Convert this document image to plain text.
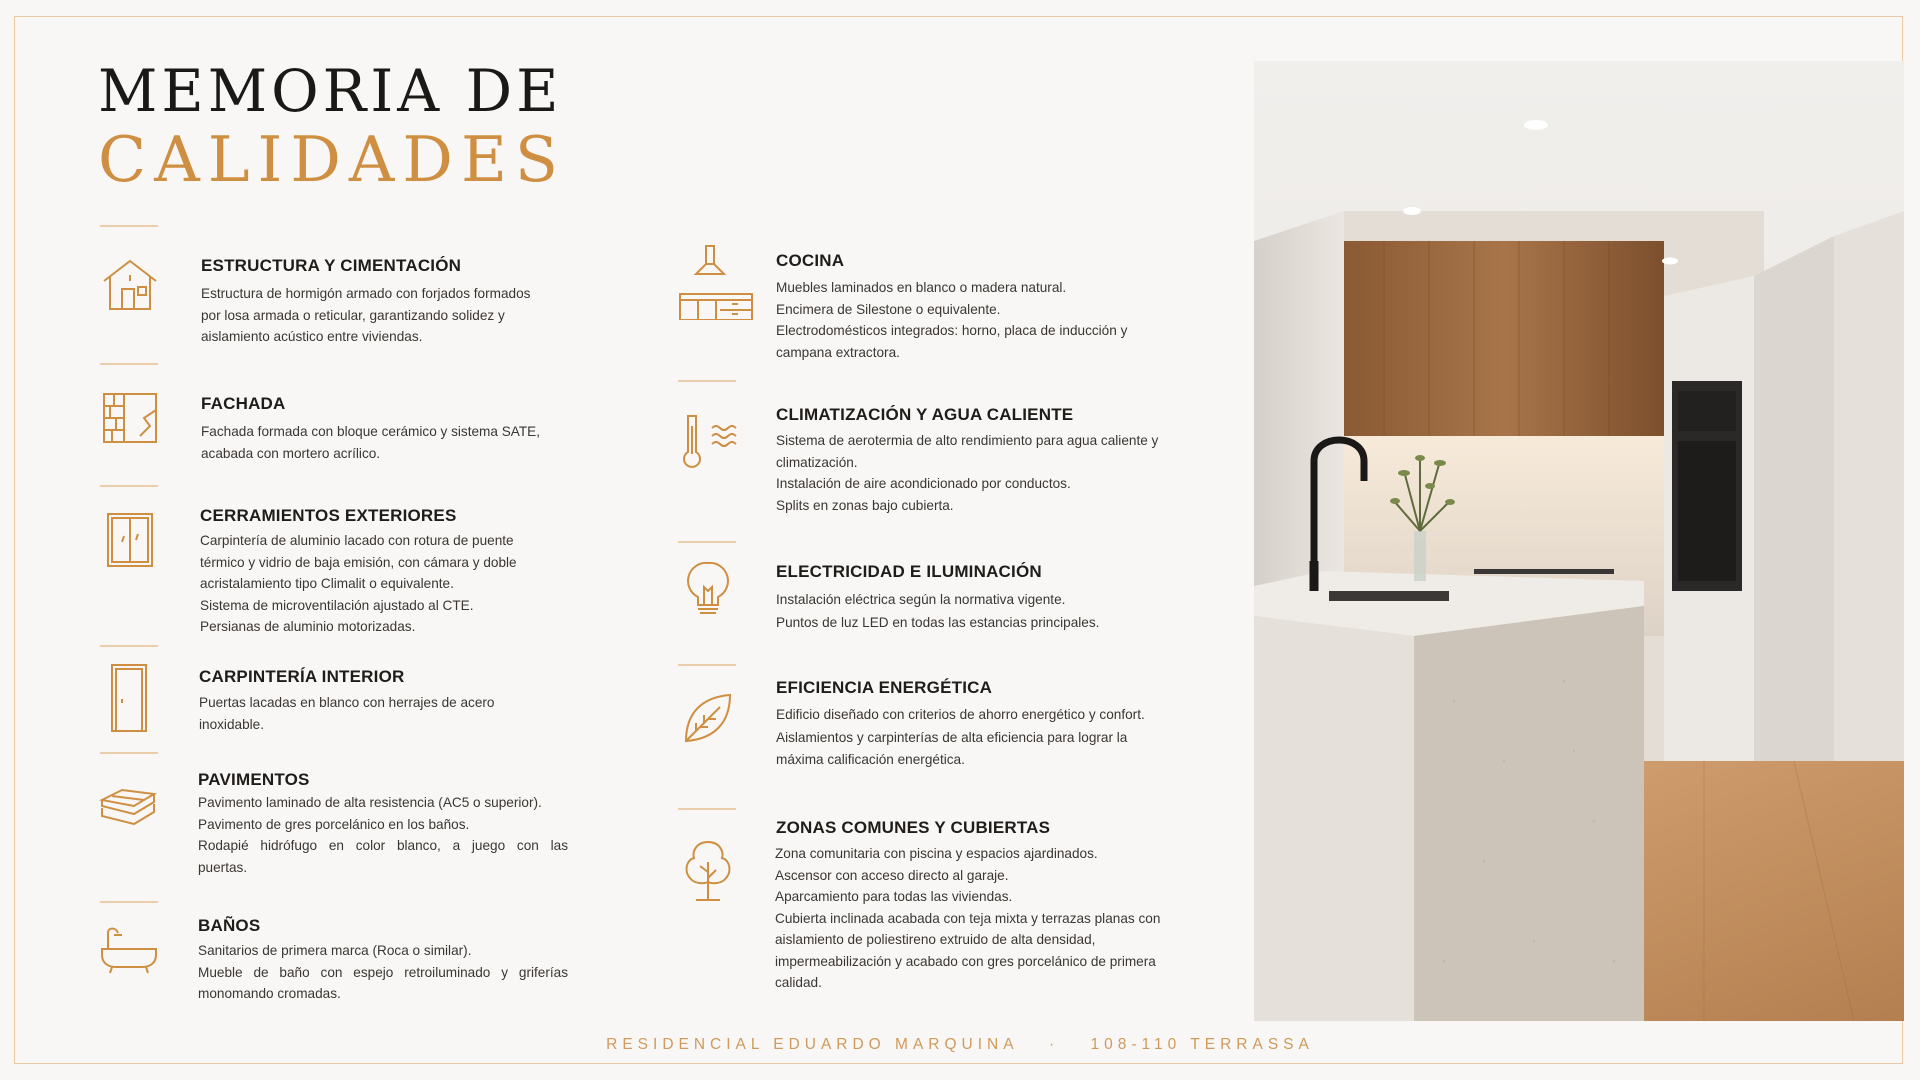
MEMORIA DE
CALIDADES
ESTRUCTURA Y CIMENTACIÓN
Estructura de hormigón armado con forjados formados
por losa armada o reticular, garantizando solidez y
aislamiento acústico entre viviendas.
FACHADA
Fachada formada con bloque cerámico y sistema SATE,
acabada con mortero acrílico.
CERRAMIENTOS EXTERIORES
Carpintería de aluminio lacado con rotura de puente
térmico y vidrio de baja emisión, con cámara y doble
acristalamiento tipo Climalit o equivalente.
Sistema de microventilación ajustado al CTE.
Persianas de aluminio motorizadas.
CARPINTERÍA INTERIOR
Puertas lacadas en blanco con herrajes de acero
inoxidable.
PAVIMENTOS
Pavimento laminado de alta resistencia (AC5 o superior).
Pavimento de gres porcelánico en los baños.
Rodapié hidrófugo en color blanco, a juego con las
puertas.
BAÑOS
Sanitarios de primera marca (Roca o similar).
Mueble de baño con espejo retroiluminado y griferías
monomando cromadas.
COCINA
Muebles laminados en blanco o madera natural.
Encimera de Silestone o equivalente.
Electrodomésticos integrados: horno, placa de inducción y
campana extractora.
CLIMATIZACIÓN Y AGUA CALIENTE
Sistema de aerotermia de alto rendimiento para agua caliente y
climatización.
Instalación de aire acondicionado por conductos.
Splits en zonas bajo cubierta.
ELECTRICIDAD E ILUMINACIÓN
Instalación eléctrica según la normativa vigente.
Puntos de luz LED en todas las estancias principales.
EFICIENCIA ENERGÉTICA
Edificio diseñado con criterios de ahorro energético y confort.
Aislamientos y carpinterías de alta eficiencia para lograr la
máxima calificación energética.
ZONAS COMUNES Y CUBIERTAS
Zona comunitaria con piscina y espacios ajardinados.
Ascensor con acceso directo al garaje.
Aparcamiento para todas las viviendas.
Cubierta inclinada acabada con teja mixta y terrazas planas con
aislamiento de poliestireno extruido de alta densidad,
impermeabilización y acabado con gres porcelánico de primera
calidad.
RESIDENCIAL EDUARDO MARQUINA · 108-110 TERRASSA
